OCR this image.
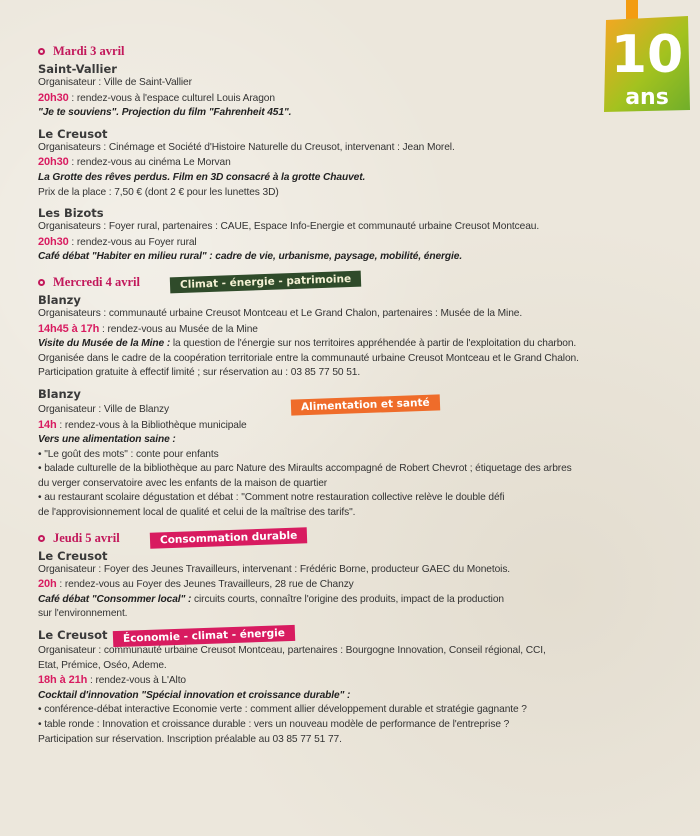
10
ans
Mardi 3 avril
Saint-Vallier
Organisateur : Ville de Saint-Vallier
20h30 : rendez-vous à l'espace culturel Louis Aragon
"Je te souviens". Projection du film "Fahrenheit 451".
Le Creusot
Organisateurs : Cinémage et Société d'Histoire Naturelle du Creusot, intervenant : Jean Morel.
20h30 : rendez-vous au cinéma Le Morvan
La Grotte des rêves perdus. Film en 3D consacré à la grotte Chauvet.
Prix de la place : 7,50 € (dont 2 € pour les lunettes 3D)
Les Bizots
Organisateurs : Foyer rural, partenaires : CAUE, Espace Info-Energie et communauté urbaine Creusot Montceau.
20h30 : rendez-vous au Foyer rural
Café débat "Habiter en milieu rural" : cadre de vie, urbanisme, paysage, mobilité, énergie.
Mercredi 4 avril	Climat - énergie - patrimoine
Blanzy
Organisateurs : communauté urbaine Creusot Montceau et Le Grand Chalon, partenaires : Musée de la Mine.
14h45 à 17h : rendez-vous au Musée de la Mine
Visite du Musée de la Mine : la question de l'énergie sur nos territoires appréhendée à partir de l'exploitation du charbon.
Organisée dans le cadre de la coopération territoriale entre la communauté urbaine Creusot Montceau et le Grand Chalon.
Participation gratuite à effectif limité ; sur réservation au : 03 85 77 50 51.
BlanzyAlimentation et santé
Organisateur : Ville de Blanzy
14h : rendez-vous à la Bibliothèque municipale
Vers une alimentation saine :
• "Le goût des mots" : conte pour enfants
• balade culturelle de la bibliothèque au parc Nature des Miraults accompagné de Robert Chevrot ; étiquetage des arbres
du verger conservatoire avec les enfants de la maison de quartier
• au restaurant scolaire dégustation et débat : "Comment notre restauration collective relève le double défi
de l'approvisionnement local de qualité et celui de la maîtrise des tarifs".
Jeudi 5 avril	Consommation durable
Le Creusot
Organisateur : Foyer des Jeunes Travailleurs, intervenant : Frédéric Borne, producteur GAEC du Monetois.
20h : rendez-vous au Foyer des Jeunes Travailleurs, 28 rue de Chanzy
Café débat "Consommer local" : circuits courts, connaître l'origine des produits, impact de la production
sur l'environnement.
Le Creusot Économie - climat - énergie
Organisateur : communauté urbaine Creusot Montceau, partenaires : Bourgogne Innovation, Conseil régional, CCI,
Etat, Prémice, Oséo, Ademe.
18h à 21h : rendez-vous à L'Alto
Cocktail d'innovation "Spécial innovation et croissance durable" :
• conférence-débat interactive Economie verte : comment allier développement durable et stratégie gagnante ?
• table ronde : Innovation et croissance durable : vers un nouveau modèle de performance de l'entreprise ?
Participation sur réservation. Inscription préalable au 03 85 77 51 77.
